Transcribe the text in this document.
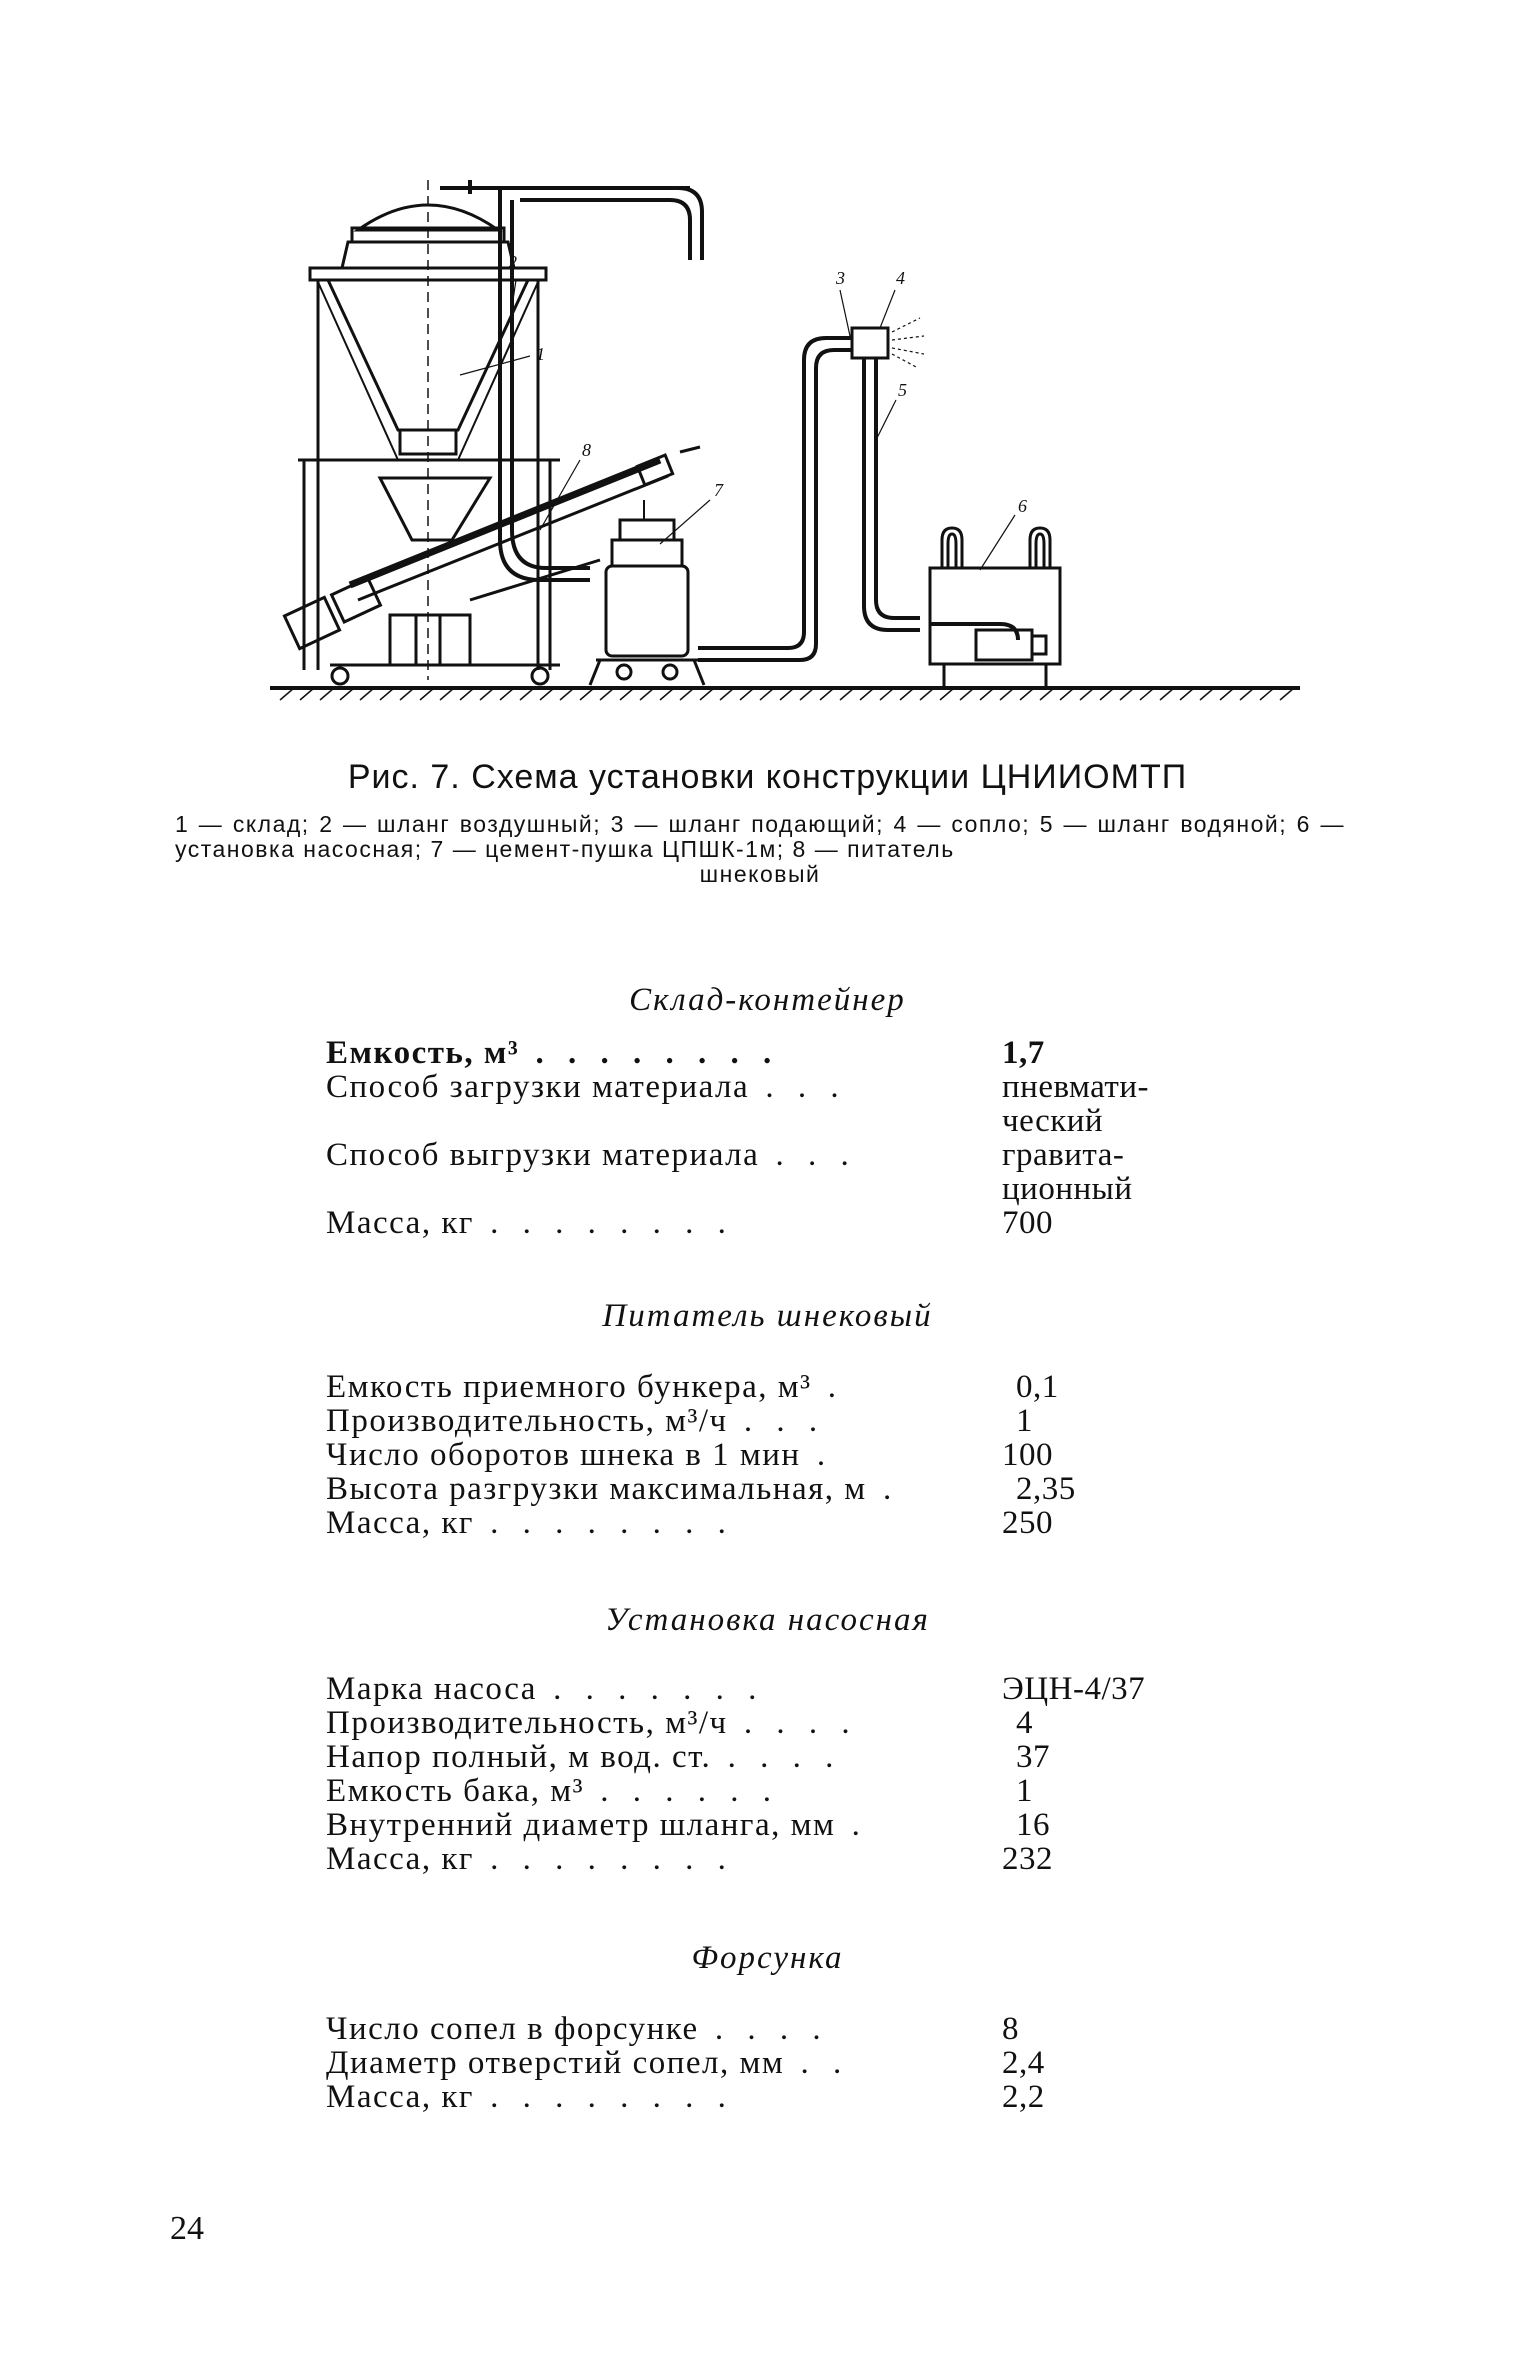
1
2
3	4
5
6
7
8
Рис. 7. Схема установки конструкции ЦНИИОМТП
1 — склад; 2 — шланг воздушный; 3 — шланг подающий; 4 — сопло; 5 — шланг водяной; 6 — установка насосная; 7 — цемент-пушка ЦПШК-1м; 8 — питатель
шнековый
Склад-контейнер
Емкость, м³ . . . . . . . .	1,7
Способ загрузки материала . . .	пневмати-

ческий
Способ выгрузки материала . . .	гравита-

ционный
Масса, кг . . . . . . . .	700
Питатель шнековый
Емкость приемного бункера, м³ .	0,1
Производительность, м³/ч . . .	1
Число оборотов шнека в 1 мин .	100
Высота разгрузки максимальная, м .	2,35
Масса, кг . . . . . . . .	250
Установка насосная
Марка насоса . . . . . . .	ЭЦН-4/37
Производительность, м³/ч . . . .	4
Напор полный, м вод. ст. . . . .	37
Емкость бака, м³ . . . . . .	1
Внутренний диаметр шланга, мм .	16
Масса, кг . . . . . . . .	232
Форсунка
Число сопел в форсунке . . . .	8
Диаметр отверстий сопел, мм . .	2,4
Масса, кг . . . . . . . .	2,2
24
